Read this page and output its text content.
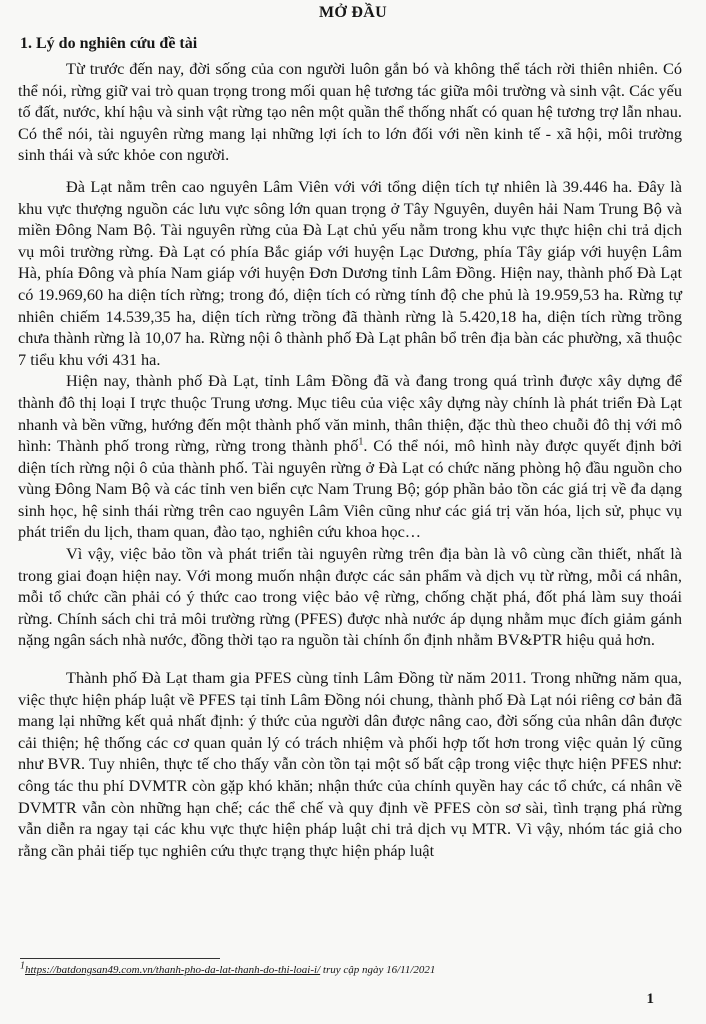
MỞ ĐẦU
1. Lý do nghiên cứu đề tài

Từ trước đến nay, đời sống của con người luôn gắn bó và không thể tách rời thiên nhiên. Có thể nói, rừng giữ vai trò quan trọng trong mối quan hệ tương tác giữa môi trường và sinh vật. Các yếu tố đất, nước, khí hậu và sinh vật rừng tạo nên một quần thể thống nhất có quan hệ tương trợ lẫn nhau. Có thể nói, tài nguyên rừng mang lại những lợi ích to lớn đối với nền kinh tế - xã hội, môi trường sinh thái và sức khỏe con người.

Đà Lạt nằm trên cao nguyên Lâm Viên với với tổng diện tích tự nhiên là 39.446 ha. Đây là khu vực thượng nguồn các lưu vực sông lớn quan trọng ở Tây Nguyên, duyên hải Nam Trung Bộ và miền Đông Nam Bộ. Tài nguyên rừng của Đà Lạt chủ yếu nằm trong khu vực thực hiện chi trả dịch vụ môi trường rừng. Đà Lạt có phía Bắc giáp với huyện Lạc Dương, phía Tây giáp với huyện Lâm Hà, phía Đông và phía Nam giáp với huyện Đơn Dương tỉnh Lâm Đồng. Hiện nay, thành phố Đà Lạt có 19.969,60 ha diện tích rừng; trong đó, diện tích có rừng tính độ che phủ là 19.959,53 ha. Rừng tự nhiên chiếm 14.539,35 ha, diện tích rừng trồng đã thành rừng là 5.420,18 ha, diện tích rừng trồng chưa thành rừng là 10,07 ha. Rừng nội ô thành phố Đà Lạt phân bổ trên địa bàn các phường, xã thuộc 7 tiểu khu với 431 ha.

Hiện nay, thành phố Đà Lạt, tỉnh Lâm Đồng đã và đang trong quá trình được xây dựng để thành đô thị loại I trực thuộc Trung ương. Mục tiêu của việc xây dựng này chính là phát triển Đà Lạt nhanh và bền vững, hướng đến một thành phố văn minh, thân thiện, đặc thù theo chuỗi đô thị với mô hình: Thành phố trong rừng, rừng trong thành phố$^1$. Có thể nói, mô hình này được quyết định bởi diện tích rừng nội ô của thành phố. Tài nguyên rừng ở Đà Lạt có chức năng phòng hộ đầu nguồn cho vùng Đông Nam Bộ và các tỉnh ven biển cực Nam Trung Bộ; góp phần bảo tồn các giá trị về đa dạng sinh học, hệ sinh thái rừng trên cao nguyên Lâm Viên cũng như các giá trị văn hóa, lịch sử, phục vụ phát triển du lịch, tham quan, đào tạo, nghiên cứu khoa học…

Vì vậy, việc bảo tồn và phát triển tài nguyên rừng trên địa bàn là vô cùng cần thiết, nhất là trong giai đoạn hiện nay. Với mong muốn nhận được các sản phẩm và dịch vụ từ rừng, mỗi cá nhân, mỗi tổ chức cần phải có ý thức cao trong việc bảo vệ rừng, chống chặt phá, đốt phá làm suy thoái rừng. Chính sách chi trả môi trường rừng (PFES) được nhà nước áp dụng nhằm mục đích giảm gánh nặng ngân sách nhà nước, đồng thời tạo ra nguồn tài chính ổn định nhằm BV&PTR hiệu quả hơn.

Thành phố Đà Lạt tham gia PFES cùng tỉnh Lâm Đồng từ năm 2011. Trong những năm qua, việc thực hiện pháp luật về PFES tại tỉnh Lâm Đồng nói chung, thành phố Đà Lạt nói riêng cơ bản đã mang lại những kết quả nhất định: ý thức của người dân được nâng cao, đời sống của nhân dân được cải thiện; hệ thống các cơ quan quản lý có trách nhiệm và phối hợp tốt hơn trong việc quản lý cũng như BVR. Tuy nhiên, thực tế cho thấy vẫn còn tồn tại một số bất cập trong việc thực hiện PFES như: công tác thu phí DVMTR còn gặp khó khăn; nhận thức của chính quyền hay các tổ chức, cá nhân về DVMTR vẫn còn những hạn chế; các thể chế và quy định về PFES còn sơ sài, tình trạng phá rừng vẫn diễn ra ngay tại các khu vực thực hiện pháp luật chi trả dịch vụ MTR. Vì vậy, nhóm tác giả cho rằng cần phải tiếp tục nghiên cứu thực trạng thực hiện pháp luật

$^1$https://batdongsan49.com.vn/thanh-pho-da-lat-thanh-do-thi-loai-i/ truy cập ngày 16/11/2021
1
